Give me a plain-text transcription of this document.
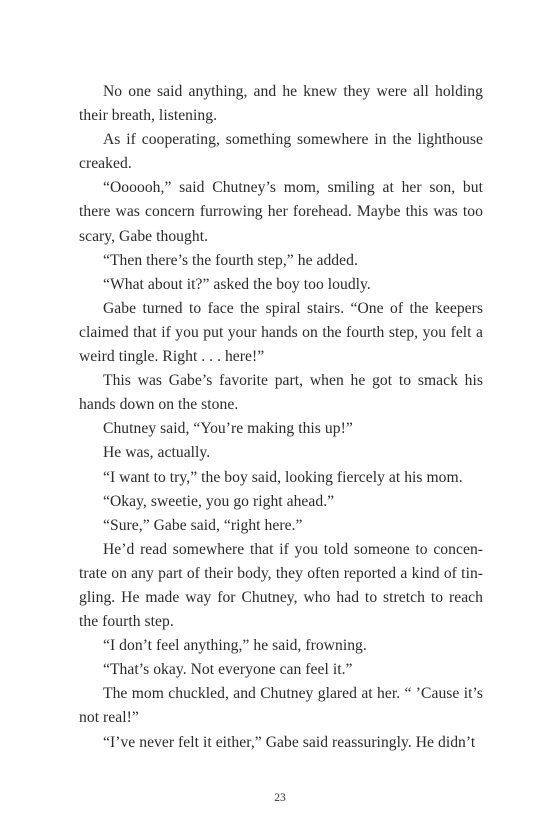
No one said anything, and he knew they were all holding their breath, listening.

As if cooperating, something somewhere in the lighthouse creaked.

“Oooooh,” said Chutney’s mom, smiling at her son, but there was concern furrowing her forehead. Maybe this was too scary, Gabe thought.

“Then there’s the fourth step,” he added.

“What about it?” asked the boy too loudly.

Gabe turned to face the spiral stairs. “One of the keepers claimed that if you put your hands on the fourth step, you felt a weird tingle. Right . . . here!”

This was Gabe’s favorite part, when he got to smack his hands down on the stone.

Chutney said, “You’re making this up!”

He was, actually.

“I want to try,” the boy said, looking fiercely at his mom.

“Okay, sweetie, you go right ahead.”

“Sure,” Gabe said, “right here.”

He’d read somewhere that if you told someone to concentrate on any part of their body, they often reported a kind of tingling. He made way for Chutney, who had to stretch to reach the fourth step.

“I don’t feel anything,” he said, frowning.

“That’s okay. Not everyone can feel it.”

The mom chuckled, and Chutney glared at her. “ ’Cause it’s not real!”

“I’ve never felt it either,” Gabe said reassuringly. He didn’t

23
